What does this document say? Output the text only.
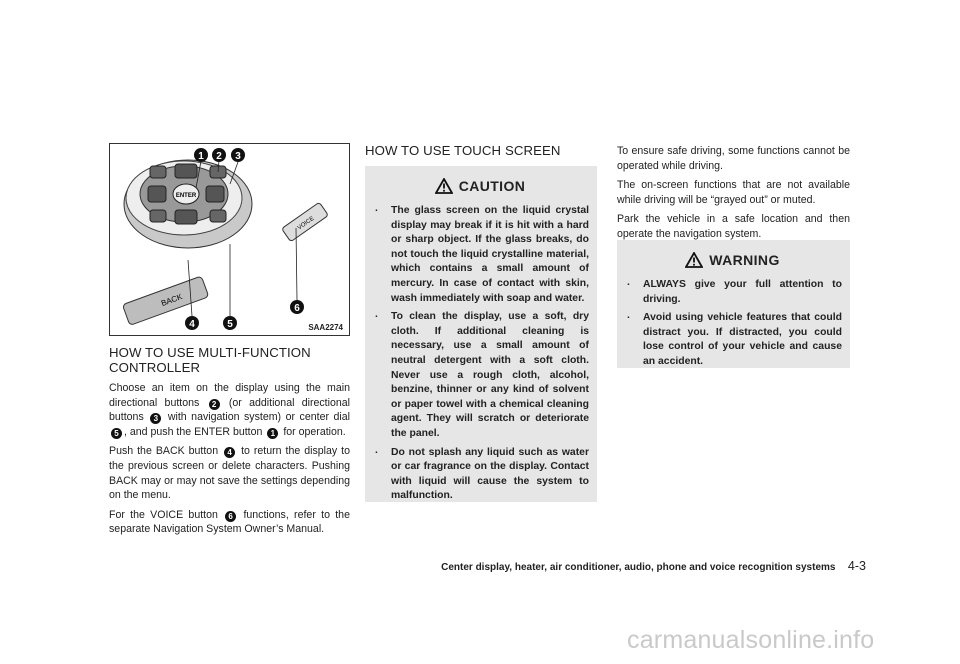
ENTER
BACK
VOICE
1 2 3
4	5
6
SAA2274
HOW TO USE MULTI-FUNCTION CONTROLLER

Choose an item on the display using the main directional buttons 2 (or additional directional buttons 3 with navigation system) or center dial 5 , and push the ENTER button 1 for operation.

Push the BACK button 4 to return the display to the previous screen or delete characters. Pushing BACK may or may not save the settings depending on the menu.

For the VOICE button 6 functions, refer to the separate Navigation System Owner’s Manual.

HOW TO USE TOUCH SCREEN
CAUTION
. The glass screen on the liquid crystal display may break if it is hit with a hard or sharp object. If the glass breaks, do not touch the liquid crystalline material, which contains a small amount of mercury. In case of contact with skin, wash immediately with soap and water.
. To clean the display, use a soft, dry cloth. If additional cleaning is necessary, use a small amount of neutral detergent with a soft cloth. Never use a rough cloth, alcohol, benzine, thinner or any kind of solvent or paper towel with a chemical cleaning agent. They will scratch or deteriorate the panel.
. Do not splash any liquid such as water or car fragrance on the display. Contact with liquid will cause the system to malfunction.

To ensure safe driving, some functions cannot be operated while driving.

The on-screen functions that are not available while driving will be “grayed out” or muted.

Park the vehicle in a safe location and then operate the navigation system.

WARNING
. ALWAYS give your full attention to driving.
. Avoid using vehicle features that could distract you. If distracted, you could lose control of your vehicle and cause an accident.
Center display, heater, air conditioner, audio, phone and voice recognition systems 4-3
carmanualsonline.info
